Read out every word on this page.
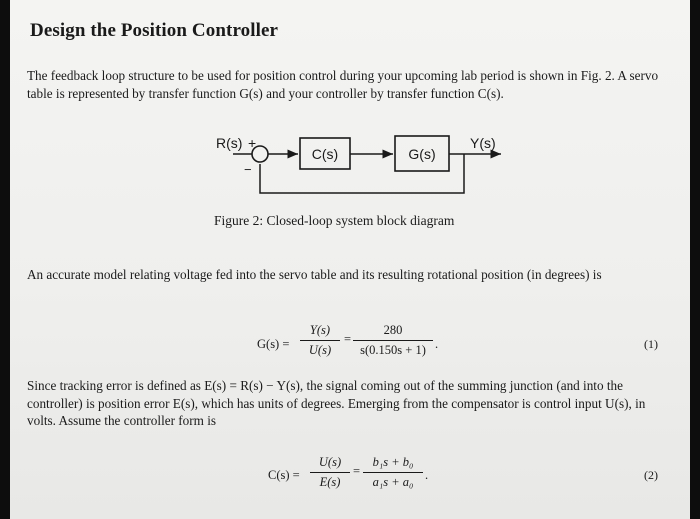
Design the Position Controller
The feedback loop structure to be used for position control during your upcoming lab period is shown in Fig. 2. A servo table is represented by transfer function G(s) and your controller by transfer function C(s).
R(s) +
−
C(s)	G(s)
Y(s)
Figure 2: Closed-loop system block diagram
An accurate model relating voltage fed into the servo table and its resulting rotational position (in degrees) is
G(s) =
Y(s)
U(s)
=
280
s(0.150s + 1) .	(1)
Since tracking error is defined as E(s) = R(s) − Y(s), the signal coming out of the summing junction (and into the controller) is position error E(s), which has units of degrees. Emerging from the compensator is control input U(s), in volts. Assume the controller form is
C(s) =
U(s)
E(s)
=
b₁s + b₀
a₁s + a₀ .	(2)
